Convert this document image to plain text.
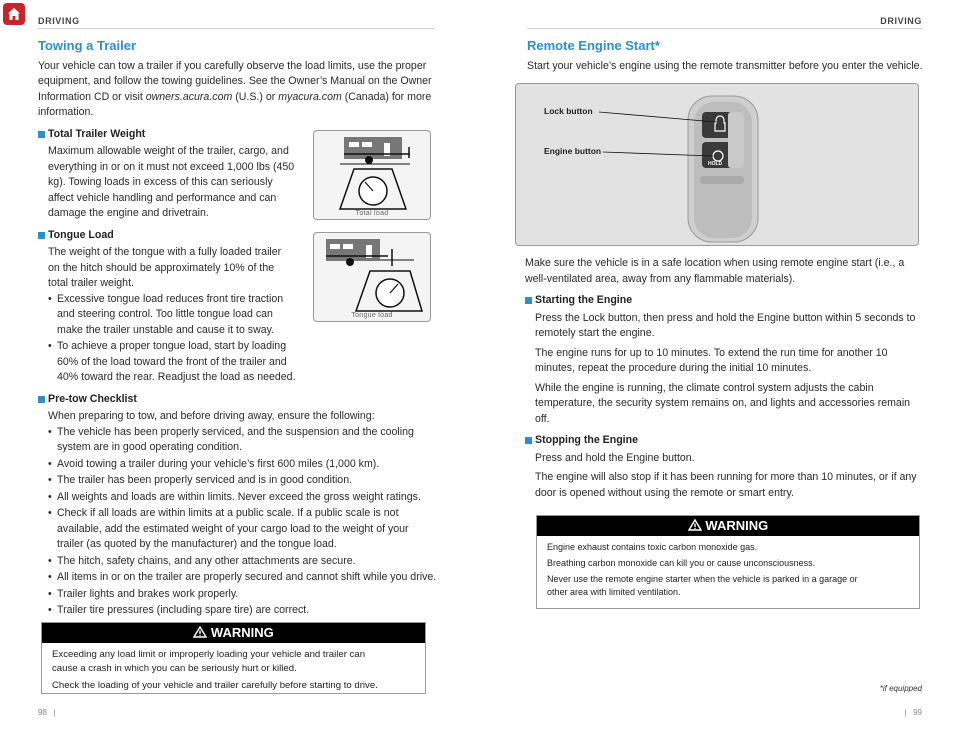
DRIVING	DRIVING
Towing a Trailer
Your vehicle can tow a trailer if you carefully observe the load limits, use the proper
equipment, and follow the towing guidelines. See the Owner’s Manual on the Owner
Information CD or visit owners.acura.com (U.S.) or myacura.com (Canada) for more
information.
Total Trailer Weight
Maximum allowable weight of the trailer, cargo, and
everything in or on it must not exceed 1,000 lbs (450
kg). Towing loads in excess of this can seriously
affect vehicle handling and performance and can
damage the engine and drivetrain.
Tongue Load
The weight of the tongue with a fully loaded trailer
on the hitch should be approximately 10% of the
total trailer weight.
• Excessive tongue load reduces front tire traction
and steering control. Too little tongue load can
make the trailer unstable and cause it to sway.
• To achieve a proper tongue load, start by loading
60% of the load toward the front of the trailer and
40% toward the rear. Readjust the load as needed.
Pre-tow Checklist
When preparing to tow, and before driving away, ensure the following:
• The vehicle has been properly serviced, and the suspension and the cooling
system are in good operating condition.
• Avoid towing a trailer during your vehicle’s first 600 miles (1,000 km).
• The trailer has been properly serviced and is in good condition.
• All weights and loads are within limits. Never exceed the gross weight ratings.
• Check if all loads are within limits at a public scale. If a public scale is not
available, add the estimated weight of your cargo load to the weight of your
trailer (as quoted by the manufacturer) and the tongue load.
• The hitch, safety chains, and any other attachments are secure.
• All items in or on the trailer are properly secured and cannot shift while you drive.
• Trailer lights and brakes work properly.
• Trailer tire pressures (including spare tire) are correct.
Total load
Tongue load
WARNING

Exceeding any load limit or improperly loading your vehicle and trailer can
cause a crash in which you can be seriously hurt or killed.

Check the loading of your vehicle and trailer carefully before starting to drive.

98   |
Remote Engine Start*
Start your vehicle’s engine using the remote transmitter before you enter the vehicle.
Lock button
Engine button
HOLD
Make sure the vehicle is in a safe location when using remote engine start (i.e., a
well-ventilated area, away from any flammable materials).
Starting the Engine
Press the Lock button, then press and hold the Engine button within 5 seconds to
remotely start the engine.
The engine runs for up to 10 minutes. To extend the run time for another 10
minutes, repeat the procedure during the initial 10 minutes.
While the engine is running, the climate control system adjusts the cabin
temperature, the security system remains on, and lights and accessories remain
off.
Stopping the Engine
Press and hold the Engine button.
The engine will also stop if it has been running for more than 10 minutes, or if any
door is opened without using the remote or smart entry.
WARNING

Engine exhaust contains toxic carbon monoxide gas.

Breathing carbon monoxide can kill you or cause unconsciousness.

Never use the remote engine starter when the vehicle is parked in a garage or
other area with limited ventilation.

*if equipped
|   99
